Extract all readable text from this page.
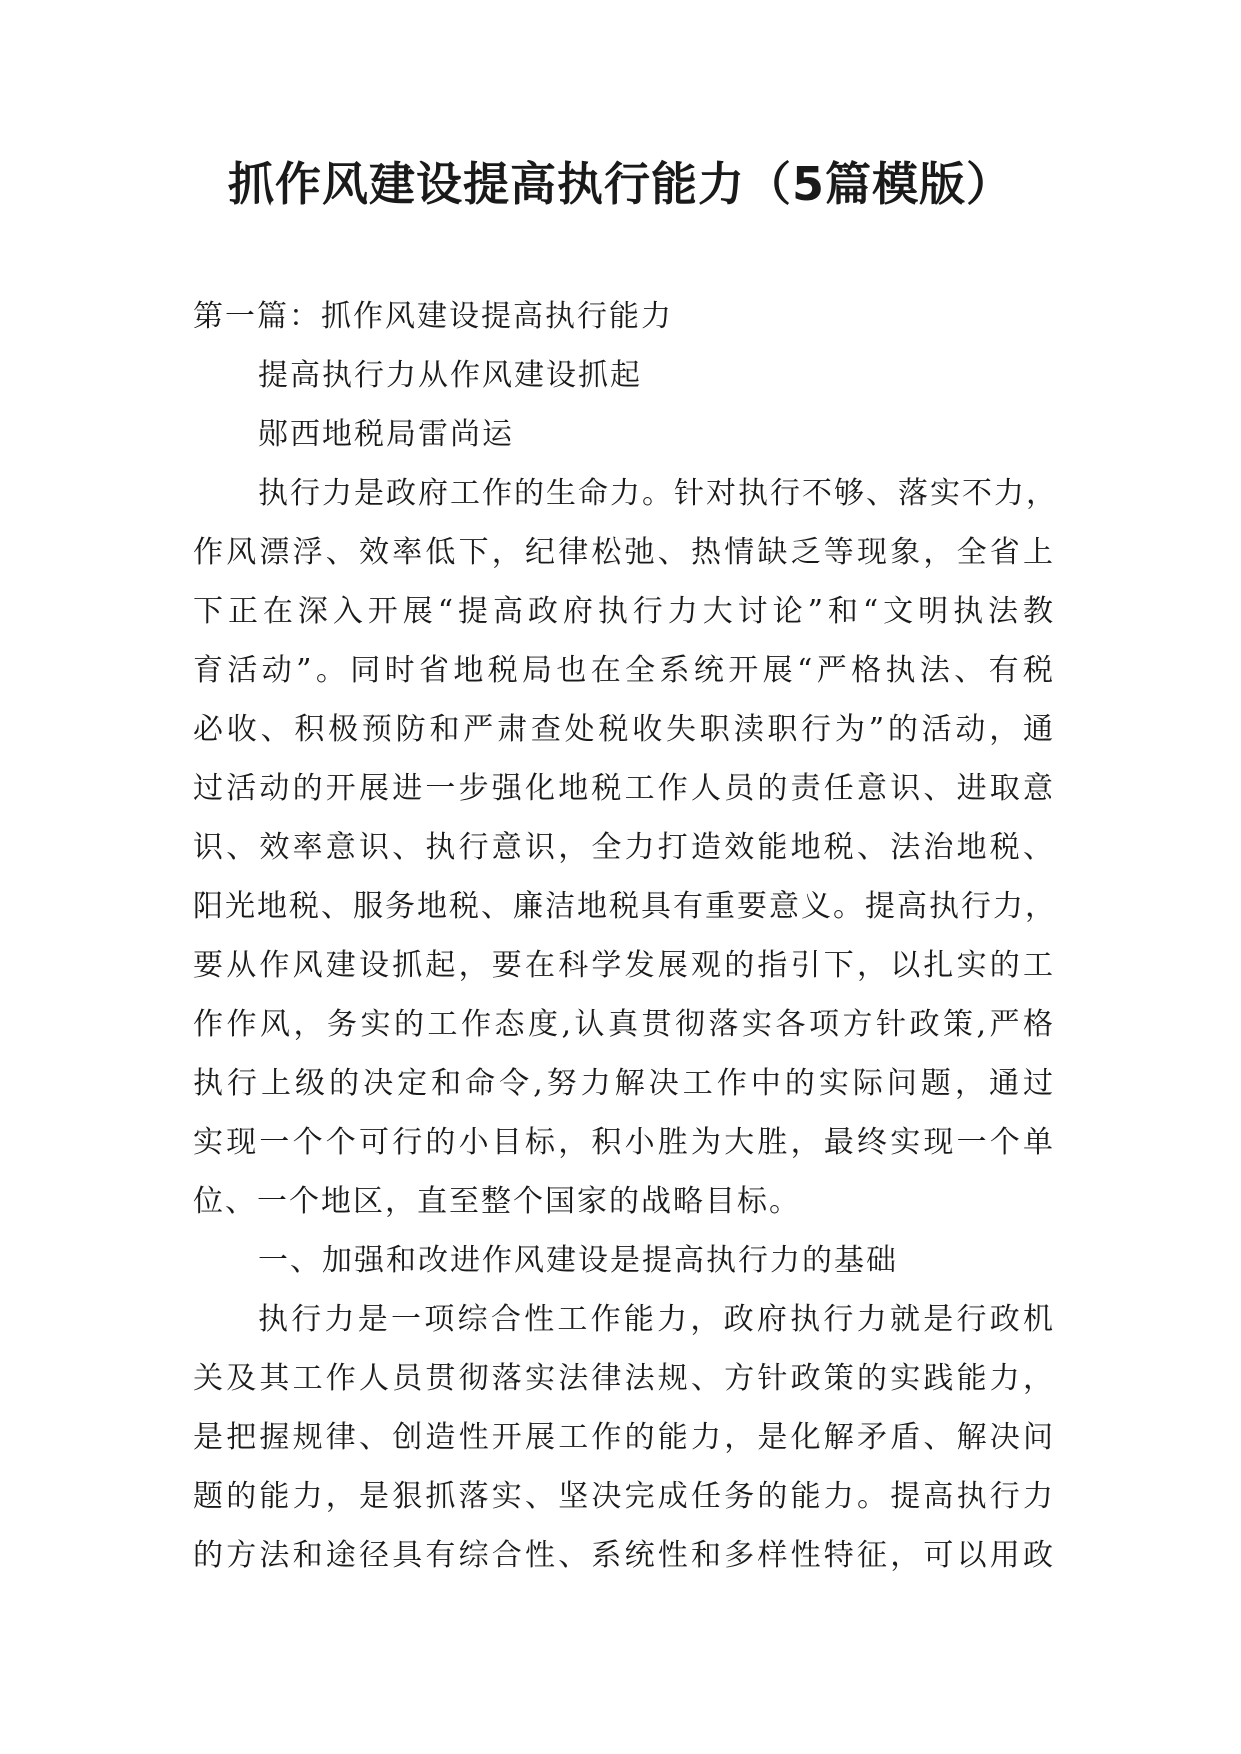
抓作风建设提高执行能力（5篇模版）

第一篇：抓作风建设提高执行能力

提高执行力从作风建设抓起

郧西地税局雷尚运

执行力是政府工作的生命力。针对执行不够、落实不力，

作风漂浮、效率低下，纪律松弛、热情缺乏等现象，全省上

下正在深入开展“提高政府执行力大讨论”和“文明执法教

育活动”。同时省地税局也在全系统开展“严格执法、有税

必收、积极预防和严肃查处税收失职渎职行为”的活动，通

过活动的开展进一步强化地税工作人员的责任意识、进取意

识、效率意识、执行意识，全力打造效能地税、法治地税、

阳光地税、服务地税、廉洁地税具有重要意义。提高执行力，

要从作风建设抓起，要在科学发展观的指引下，以扎实的工

作作风，务实的工作态度,认真贯彻落实各项方针政策,严格

执行上级的决定和命令,努力解决工作中的实际问题，通过

实现一个个可行的小目标，积小胜为大胜，最终实现一个单

位、一个地区，直至整个国家的战略目标。

一、加强和改进作风建设是提高执行力的基础

执行力是一项综合性工作能力，政府执行力就是行政机

关及其工作人员贯彻落实法律法规、方针政策的实践能力，

是把握规律、创造性开展工作的能力，是化解矛盾、解决问

题的能力，是狠抓落实、坚决完成任务的能力。提高执行力

的方法和途径具有综合性、系统性和多样性特征，可以用政
